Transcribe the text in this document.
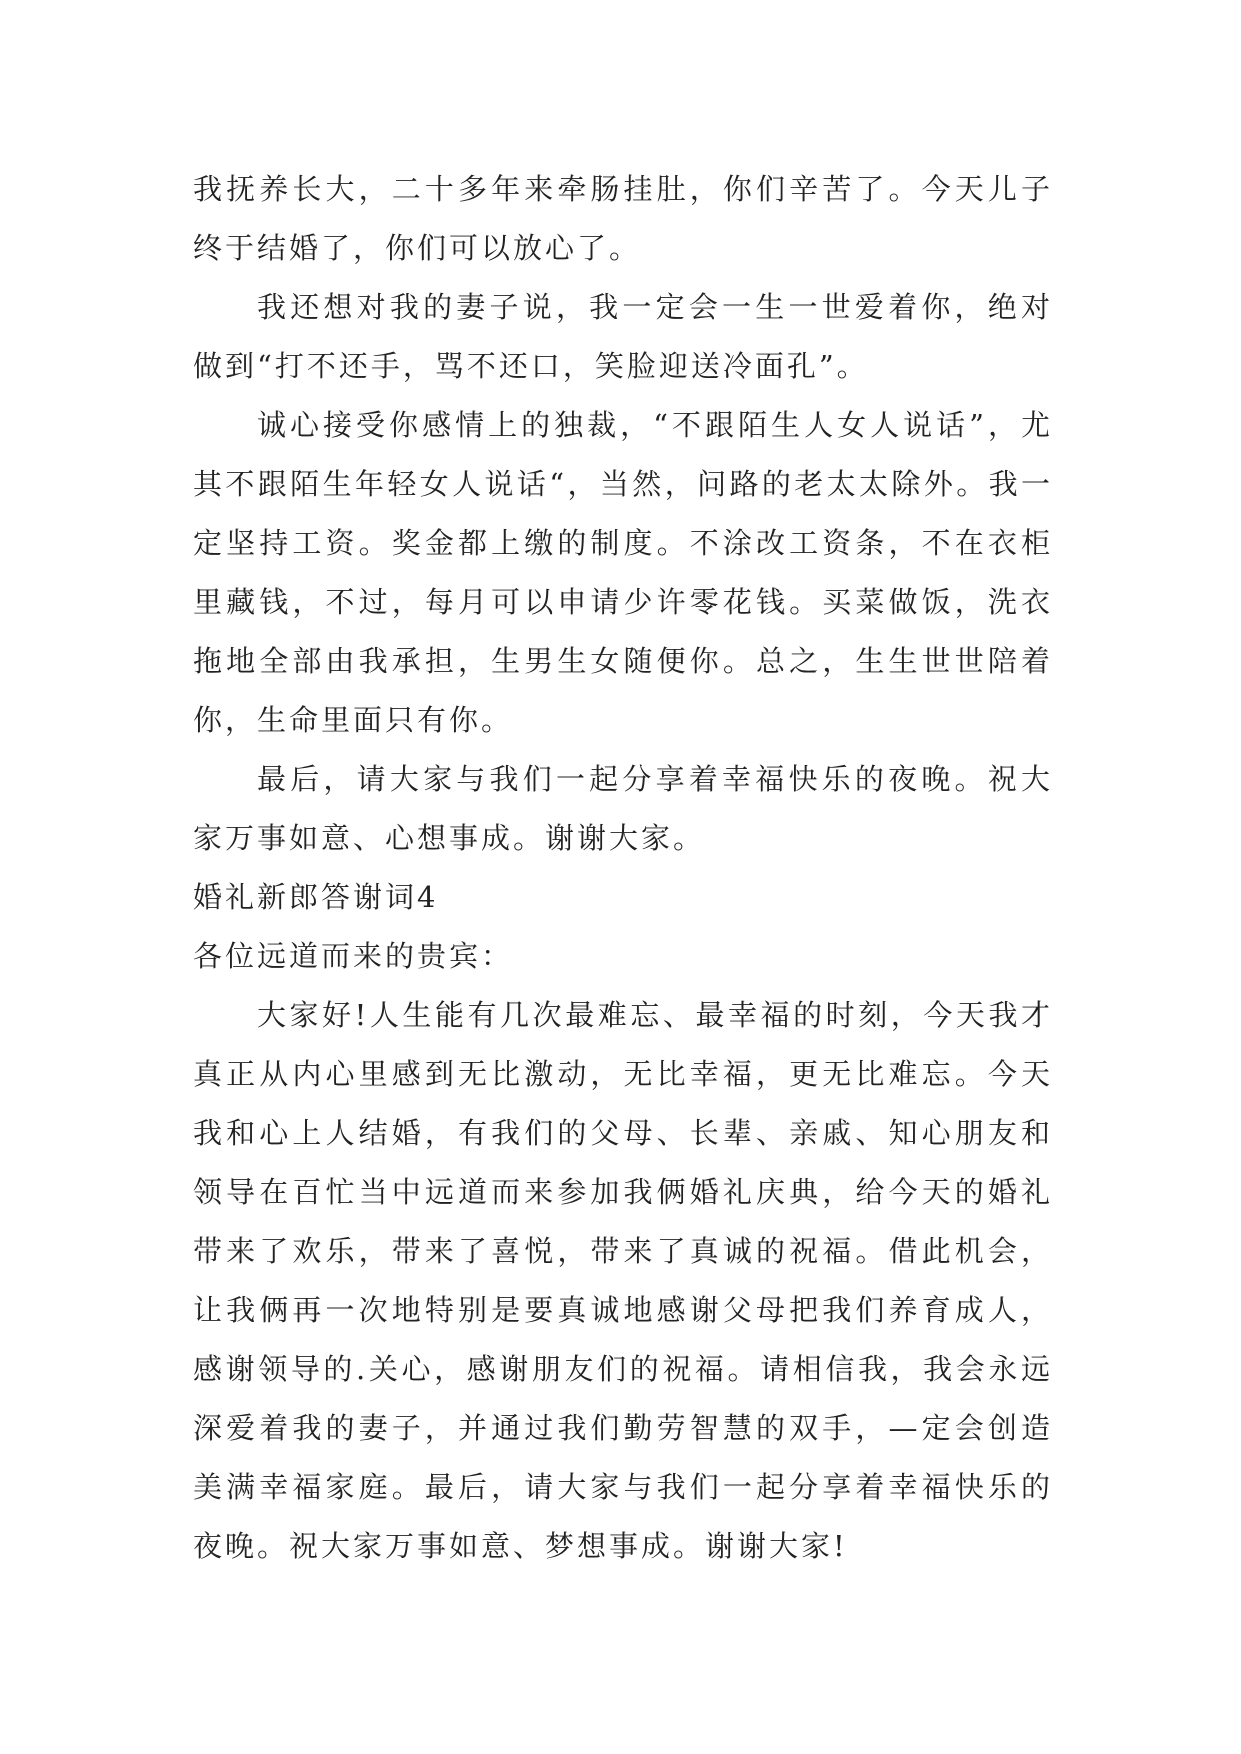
我抚养长大，二十多年来牵肠挂肚，你们辛苦了。今天儿子终于结婚了，你们可以放心了。

我还想对我的妻子说，我一定会一生一世爱着你，绝对做到“打不还手，骂不还口，笑脸迎送冷面孔”。

诚心接受你感情上的独裁，“不跟陌生人女人说话”，尤其不跟陌生年轻女人说话“，当然，问路的老太太除外。我一定坚持工资。奖金都上缴的制度。不涂改工资条，不在衣柜里藏钱，不过，每月可以申请少许零花钱。买菜做饭，洗衣拖地全部由我承担，生男生女随便你。总之，生生世世陪着你，生命里面只有你。

最后，请大家与我们一起分享着幸福快乐的夜晚。祝大家万事如意、心想事成。谢谢大家。

婚礼新郎答谢词4

各位远道而来的贵宾：

大家好!人生能有几次最难忘、最幸福的时刻，今天我才真正从内心里感到无比激动，无比幸福，更无比难忘。今天我和心上人结婚，有我们的父母、长辈、亲戚、知心朋友和领导在百忙当中远道而来参加我俩婚礼庆典，给今天的婚礼带来了欢乐，带来了喜悦，带来了真诚的祝福。借此机会，让我俩再一次地特别是要真诚地感谢父母把我们养育成人，感谢领导的.关心，感谢朋友们的祝福。请相信我，我会永远深爱着我的妻子，并通过我们勤劳智慧的双手，—定会创造美满幸福家庭。最后，请大家与我们一起分享着幸福快乐的夜晚。祝大家万事如意、梦想事成。谢谢大家!
